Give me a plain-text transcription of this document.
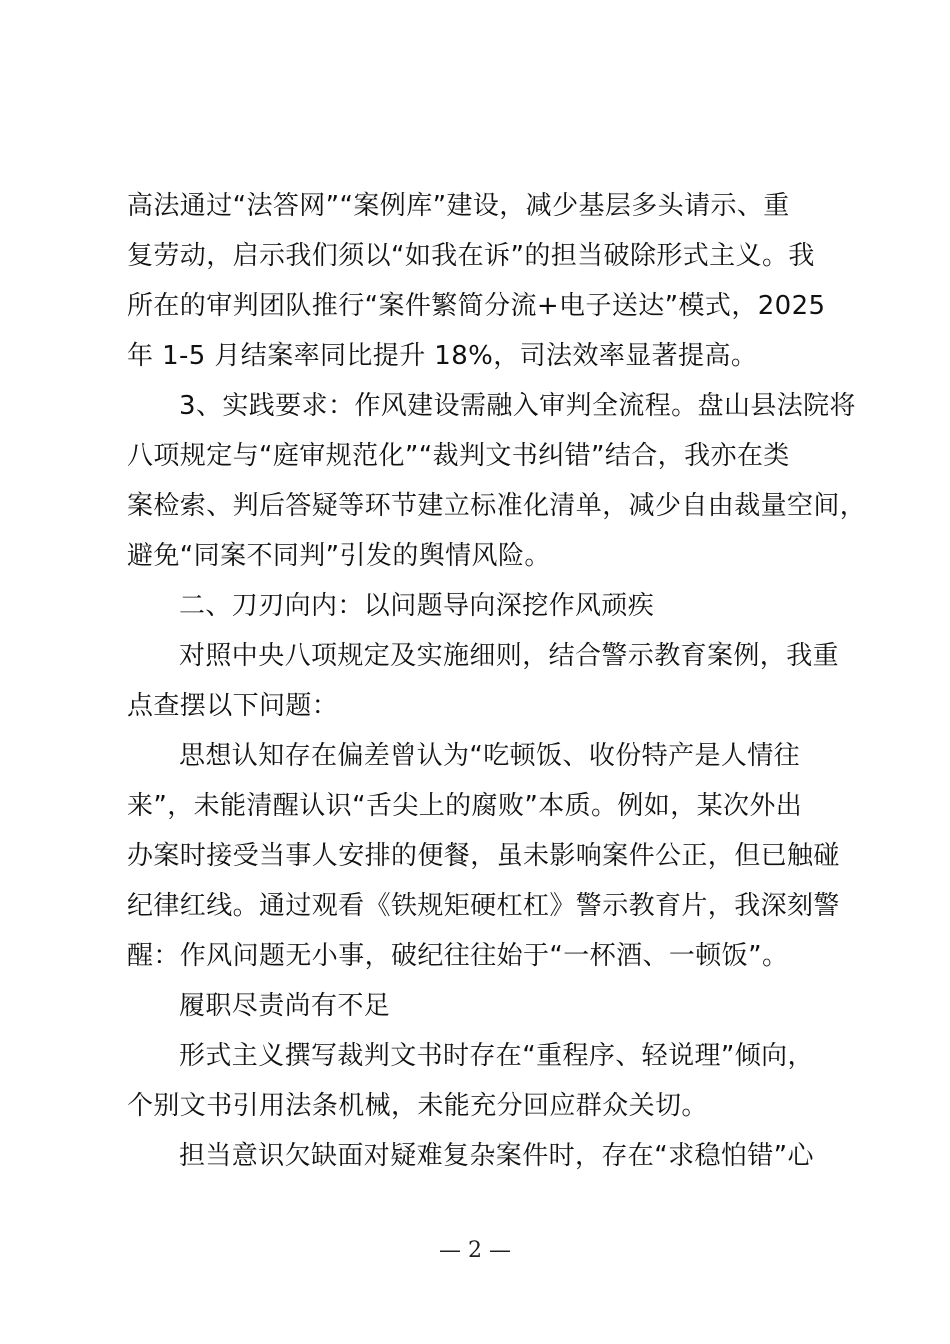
高法通过“法答网”“案例库”建设，减少基层多头请示、重
复劳动，启示我们须以“如我在诉”的担当破除形式主义。我
所在的审判团队推行“案件繁简分流+电子送达”模式，2025
年 1-5 月结案率同比提升 18%，司法效率显著提高。
3、实践要求：作风建设需融入审判全流程。盘山县法院将
八项规定与“庭审规范化”“裁判文书纠错”结合，我亦在类
案检索、判后答疑等环节建立标准化清单，减少自由裁量空间，
避免“同案不同判”引发的舆情风险。
二、刀刃向内：以问题导向深挖作风顽疾
对照中央八项规定及实施细则，结合警示教育案例，我重
点查摆以下问题：
思想认知存在偏差曾认为“吃顿饭、收份特产是人情往
来”，未能清醒认识“舌尖上的腐败”本质。例如，某次外出
办案时接受当事人安排的便餐，虽未影响案件公正，但已触碰
纪律红线。通过观看《铁规矩硬杠杠》警示教育片，我深刻警
醒：作风问题无小事，破纪往往始于“一杯酒、一顿饭”。
履职尽责尚有不足
形式主义撰写裁判文书时存在“重程序、轻说理”倾向，
个别文书引用法条机械，未能充分回应群众关切。
担当意识欠缺面对疑难复杂案件时，存在“求稳怕错”心
— 2 —
